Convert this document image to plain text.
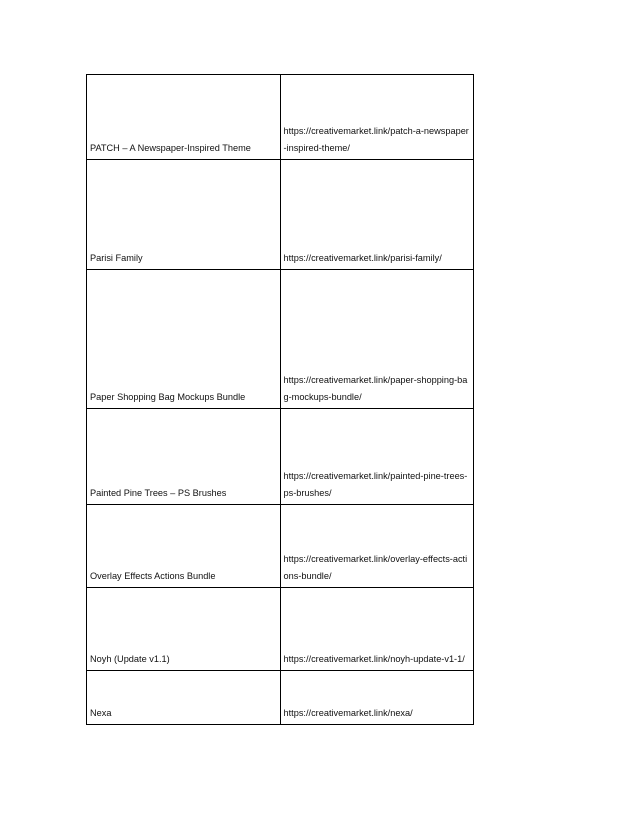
PATCH – A Newspaper-Inspired Theme	https://creativemarket.link/patch-a-newspaper-inspired-theme/

Parisi Family	https://creativemarket.link/parisi-family/

Paper Shopping Bag Mockups Bundle	https://creativemarket.link/paper-shopping-bag-mockups-bundle/

Painted Pine Trees – PS Brushes	https://creativemarket.link/painted-pine-trees-ps-brushes/

Overlay Effects Actions Bundle	https://creativemarket.link/overlay-effects-actions-bundle/

Noyh (Update v1.1)	https://creativemarket.link/noyh-update-v1-1/

Nexa	https://creativemarket.link/nexa/
